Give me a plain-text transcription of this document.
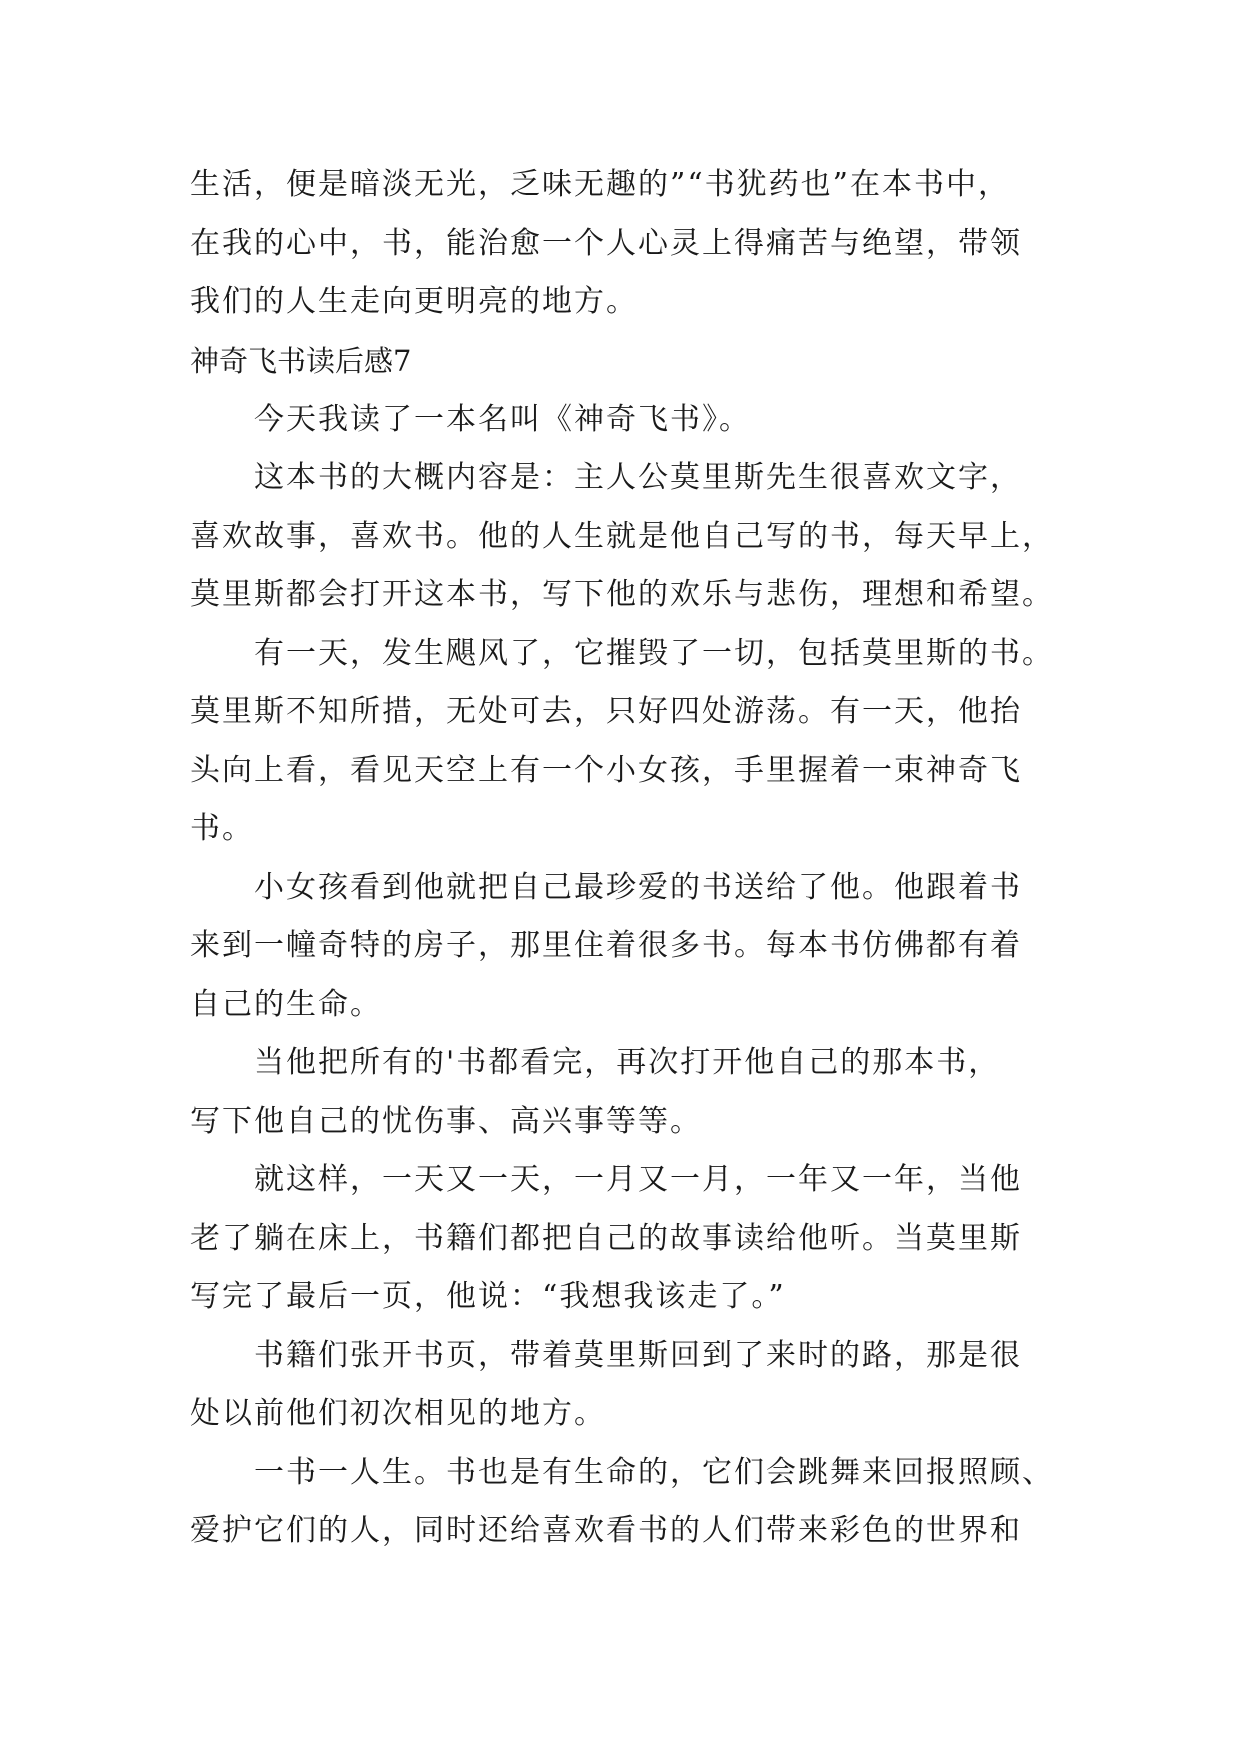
生活，便是暗淡无光，乏味无趣的”“书犹药也”在本书中，
在我的心中，书，能治愈一个人心灵上得痛苦与绝望，带领
我们的人生走向更明亮的地方。
神奇飞书读后感7
今天我读了一本名叫《神奇飞书》。
这本书的大概内容是：主人公莫里斯先生很喜欢文字，
喜欢故事，喜欢书。他的人生就是他自己写的书，每天早上，
莫里斯都会打开这本书，写下他的欢乐与悲伤，理想和希望。
有一天，发生飓风了，它摧毁了一切，包括莫里斯的书。
莫里斯不知所措，无处可去，只好四处游荡。有一天，他抬
头向上看，看见天空上有一个小女孩，手里握着一束神奇飞
书。
小女孩看到他就把自己最珍爱的书送给了他。他跟着书
来到一幢奇特的房子，那里住着很多书。每本书仿佛都有着
自己的生命。
当他把所有的'书都看完，再次打开他自己的那本书，
写下他自己的忧伤事、高兴事等等。
就这样，一天又一天，一月又一月，一年又一年，当他
老了躺在床上，书籍们都把自己的故事读给他听。当莫里斯
写完了最后一页，他说：“我想我该走了。”
书籍们张开书页，带着莫里斯回到了来时的路，那是很
处以前他们初次相见的地方。
一书一人生。书也是有生命的，它们会跳舞来回报照顾、
爱护它们的人，同时还给喜欢看书的人们带来彩色的世界和
